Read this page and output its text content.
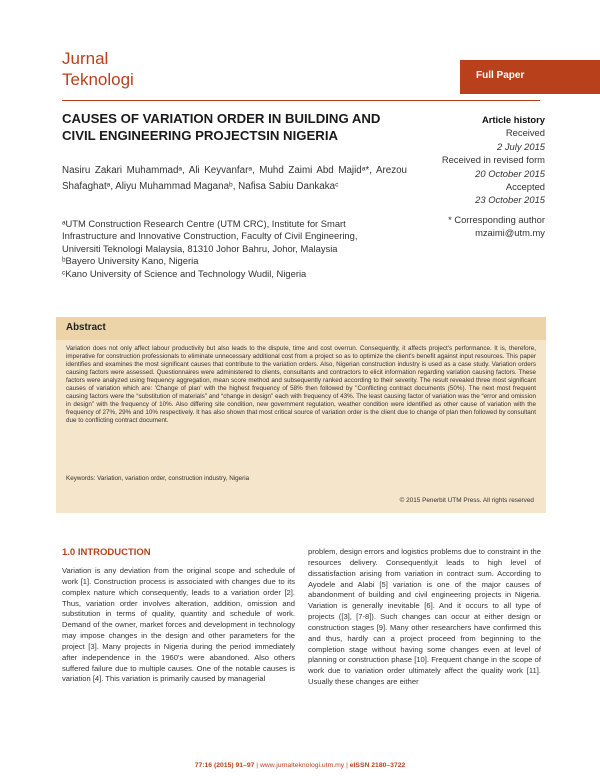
Jurnal
Teknologi	Full Paper
CAUSES OF VARIATION ORDER IN BUILDING AND CIVIL ENGINEERING PROJECTSIN NIGERIA
Nasiru Zakari Muhammadᵃ, Ali Keyvanfarᵃ, Muhd Zaimi Abd Majidᵃ*, Arezou Shafaghatᵃ, Aliyu Muhammad Maganaᵇ, Nafisa Sabiu Dankakaᶜ

ᵃUTM Construction Research Centre (UTM CRC), Institute for Smart Infrastructure and Innovative Construction, Faculty of Civil Engineering, Universiti Teknologi Malaysia, 81310 Johor Bahru, Johor, Malaysia

ᵇBayero University Kano, Nigeria

ᶜKano University of Science and Technology Wudil, Nigeria

Article history
Received
2 July 2015
Received in revised form
20 October 2015
Accepted
23 October 2015
* Corresponding author
mzaimi@utm.my
Abstract
Variation does not only affect labour productivity but also leads to the dispute, time and cost overrun. Consequently, it affects project's performance. It is, therefore, imperative for construction professionals to eliminate unnecessary additional cost from a project so as to optimize the client's benefit against input resources. This paper identifies and examines the most significant causes that contribute to the variation orders. Also, Nigerian construction industry is used as a case study. Variation orders causing factors were assessed. Questionnaires were administered to clients, consultants and contractors to elicit information regarding variation causing factors. These factors were analyzed using frequency aggregation, mean score method and subsequently ranked according to their severity. The result revealed three most significant causes of variation which are: 'Change of plan' with the highest frequency of 58% then followed by ''Conflicting contract documents (50%). The next most frequent causing factors were the “substitution of materials” and “change in design” each with frequency of 43%. The least causing factor of variation was the “error and omission in design” with the frequency of 10%. Also differing site condition, new government regulation, weather condition were identified as other cause of variation with the frequency of 27%, 29% and 10% respectively. It has also shown that most critical source of variation order is the client due to change of plan then followed by consultant due to conflicting contract document.
Keywords: Variation, variation order, construction industry, Nigeria
© 2015 Penerbit UTM Press. All rights reserved
1.0 INTRODUCTION
Variation is any deviation from the original scope and schedule of work [1]. Construction process is associated with changes due to its complex nature which consequently, leads to a variation order [2]. Thus, variation order involves alteration, addition, omission and substitution in terms of quality, quantity and schedule of work. Demand of the owner, market forces and development in technology may impose changes in the design and other parameters for the project [3]. Many projects in Nigeria during the period immediately after independence in the 1960's were abandoned. Also others suffered failure due to multiple causes. One of the notable causes is variation [4]. This variation is primarily caused by managerial
problem, design errors and logistics problems due to constraint in the resources delivery. Consequently,it leads to high level of dissatisfaction arising from variation in contract sum. According to Ayodele and Alabi [5] variation is one of the major causes of abandonment of building and civil engineering projects in Nigeria. Variation is generally inevitable [6]. And it occurs to all type of projects ([3], [7-8]). Such changes can occur at either design or construction stages [9]. Many other researchers have confirmed this and thus, hardly can a project proceed from beginning to the completion stage without having some changes even at level of planning or construction phase [10]. Frequent change in the scope of work due to variation order ultimately affect the quality work [11]. Usually these changes are either
77:16 (2015) 91–97 | www.jurnalteknologi.utm.my | eISSN 2180–3722
